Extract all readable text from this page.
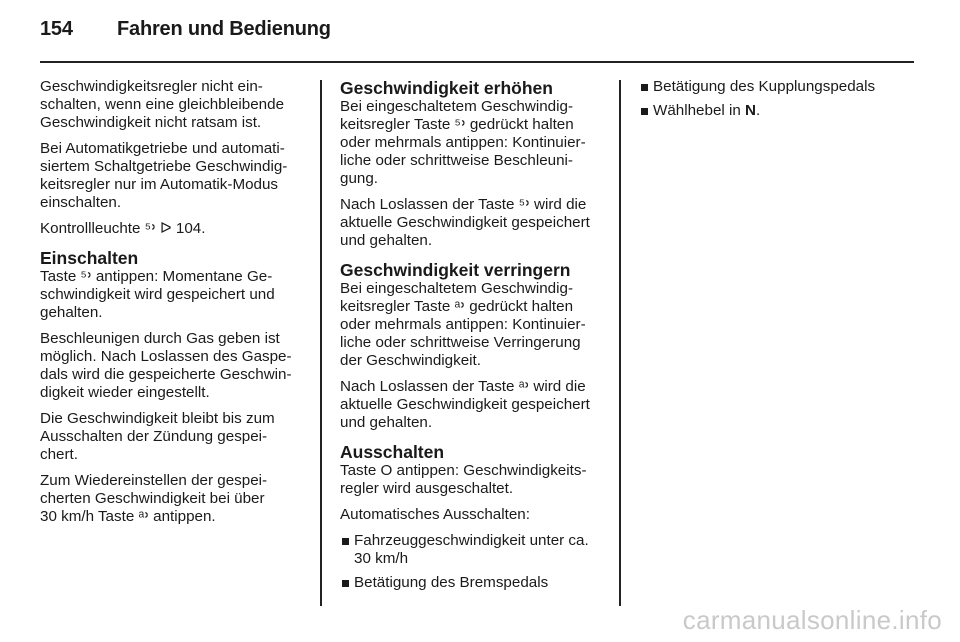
154 Fahren und Bedienung

Geschwindigkeitsregler nicht ein-
schalten, wenn eine gleichbleibende
Geschwindigkeit nicht ratsam ist.

Bei Automatikgetriebe und automati-
siertem Schaltgetriebe Geschwindig-
keitsregler nur im Automatik-Modus
einschalten.

Kontrollleuchte ⁵᠈ ᐅ 104.

Einschalten

Taste ⁵᠈ antippen: Momentane Ge-
schwindigkeit wird gespeichert und
gehalten.

Beschleunigen durch Gas geben ist
möglich. Nach Loslassen des Gaspe-
dals wird die gespeicherte Geschwin-
digkeit wieder eingestellt.

Die Geschwindigkeit bleibt bis zum
Ausschalten der Zündung gespei-
chert.

Zum Wiedereinstellen der gespei-
cherten Geschwindigkeit bei über
30 km/h Taste ᵃ᠈ antippen.

Geschwindigkeit erhöhen

Bei eingeschaltetem Geschwindig-
keitsregler Taste ⁵᠈ gedrückt halten
oder mehrmals antippen: Kontinuier-
liche oder schrittweise Beschleuni-
gung.

Nach Loslassen der Taste ⁵᠈ wird die
aktuelle Geschwindigkeit gespeichert
und gehalten.

Geschwindigkeit verringern

Bei eingeschaltetem Geschwindig-
keitsregler Taste ᵃ᠈ gedrückt halten
oder mehrmals antippen: Kontinuier-
liche oder schrittweise Verringerung
der Geschwindigkeit.

Nach Loslassen der Taste ᵃ᠈ wird die
aktuelle Geschwindigkeit gespeichert
und gehalten.

Ausschalten

Taste O antippen: Geschwindigkeits-
regler wird ausgeschaltet.

Automatisches Ausschalten:

Fahrzeuggeschwindigkeit unter ca.
30 km/h
Betätigung des Bremspedals
Betätigung des Kupplungspedals
Wählhebel in N.
carmanualsonline.info
